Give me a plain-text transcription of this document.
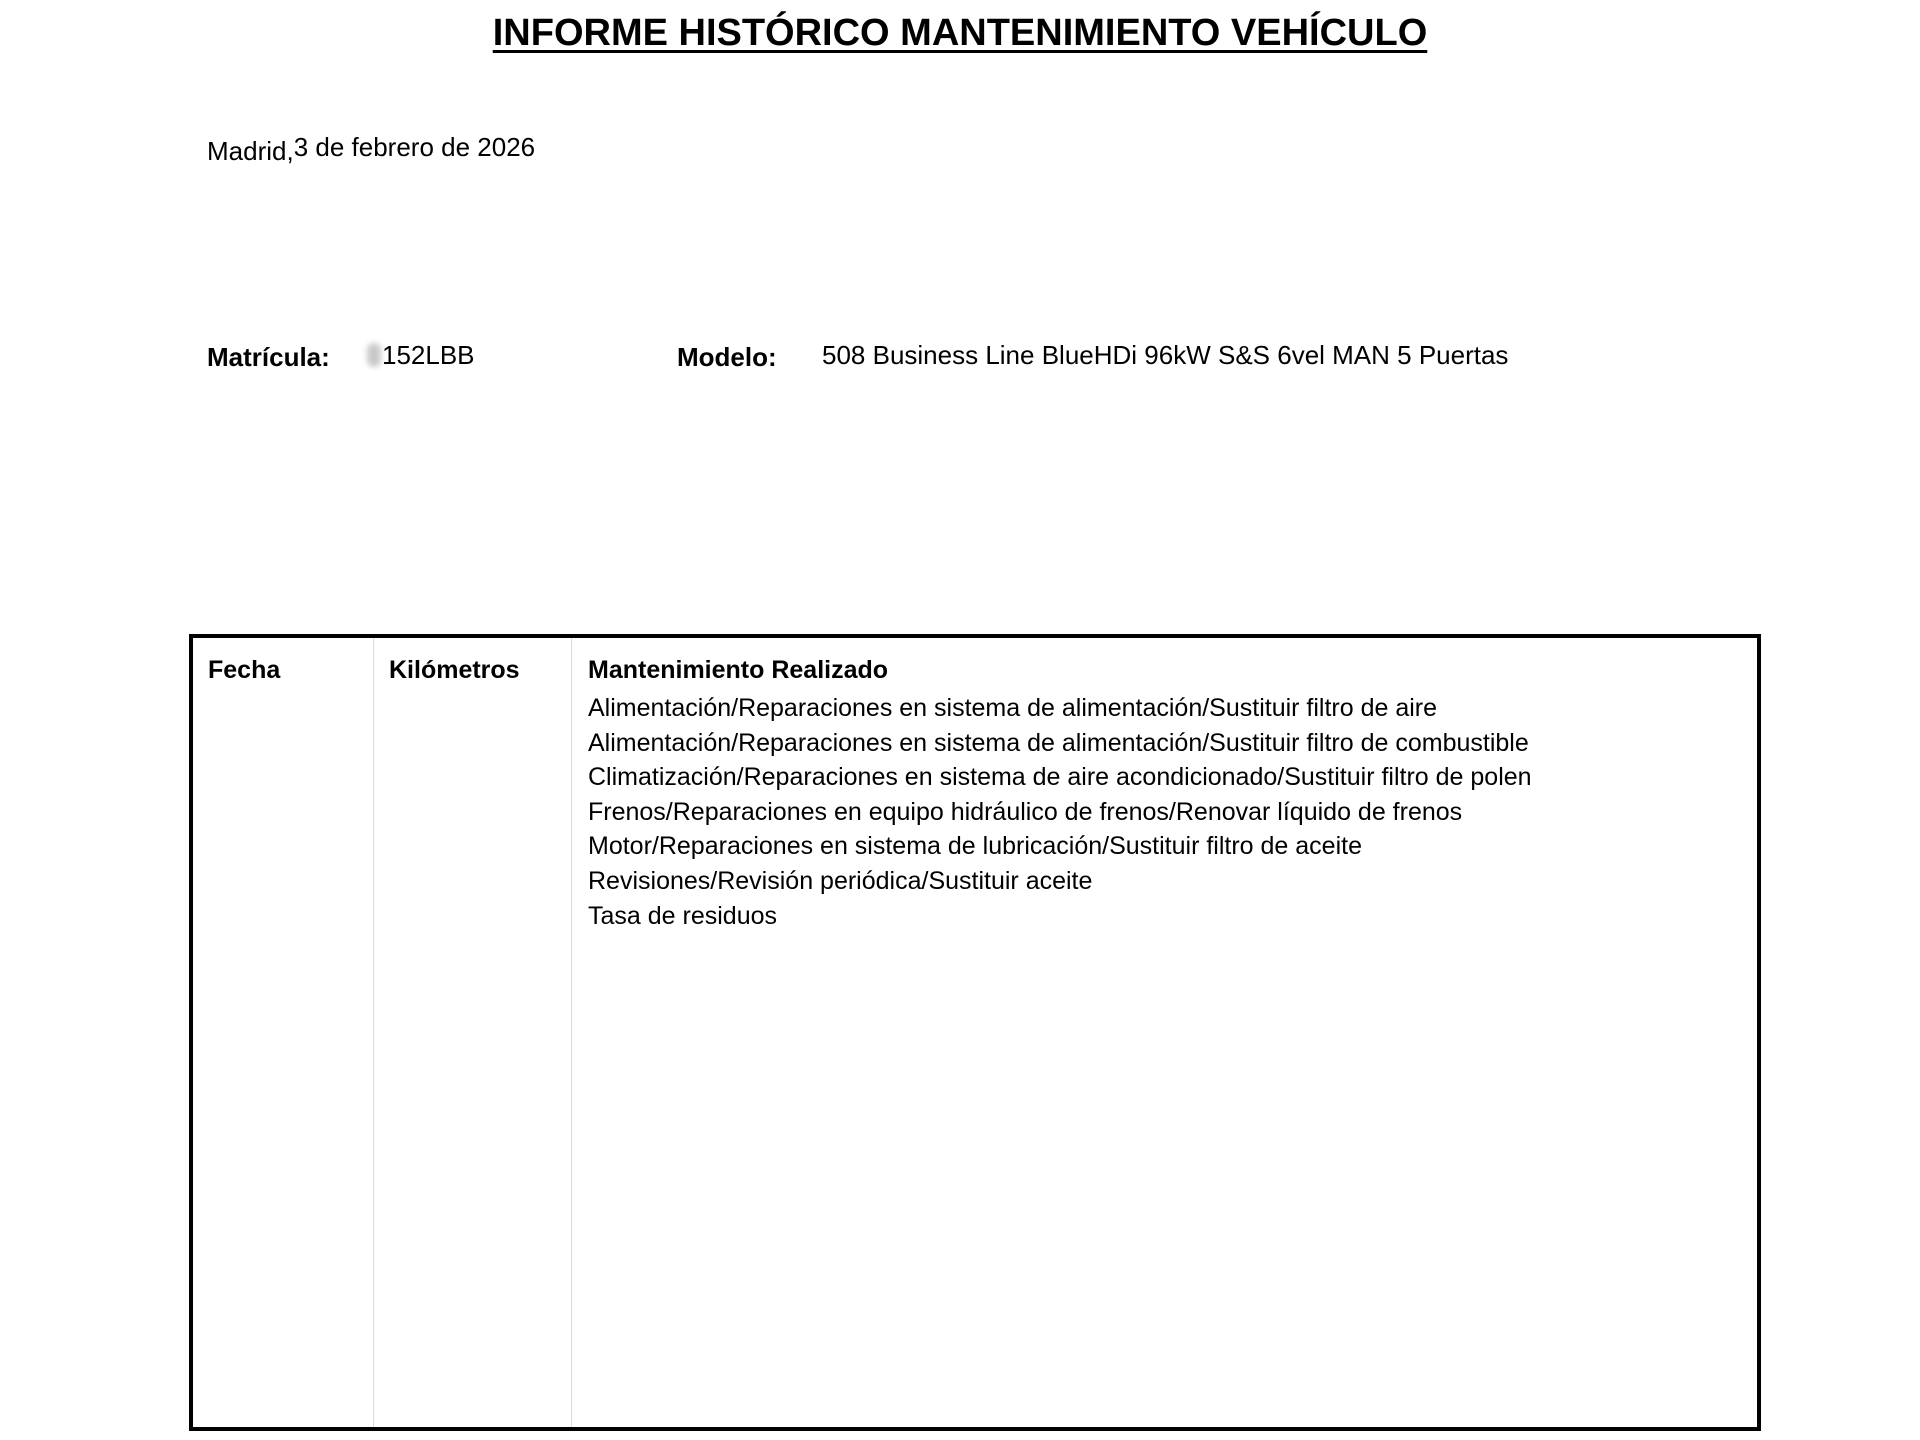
INFORME HISTÓRICO MANTENIMIENTO VEHÍCULO
Madrid,3 de febrero de 2026
Matrícula:	152LBB	Modelo: 508 Business Line BlueHDi 96kW S&S 6vel MAN 5 Puertas
Fecha	Kilómetros	Mantenimiento Realizado
Alimentación/Reparaciones en sistema de alimentación/Sustituir filtro de aire
Alimentación/Reparaciones en sistema de alimentación/Sustituir filtro de combustible
Climatización/Reparaciones en sistema de aire acondicionado/Sustituir filtro de polen
Frenos/Reparaciones en equipo hidráulico de frenos/Renovar líquido de frenos
Motor/Reparaciones en sistema de lubricación/Sustituir filtro de aceite
Revisiones/Revisión periódica/Sustituir aceite
Tasa de residuos
